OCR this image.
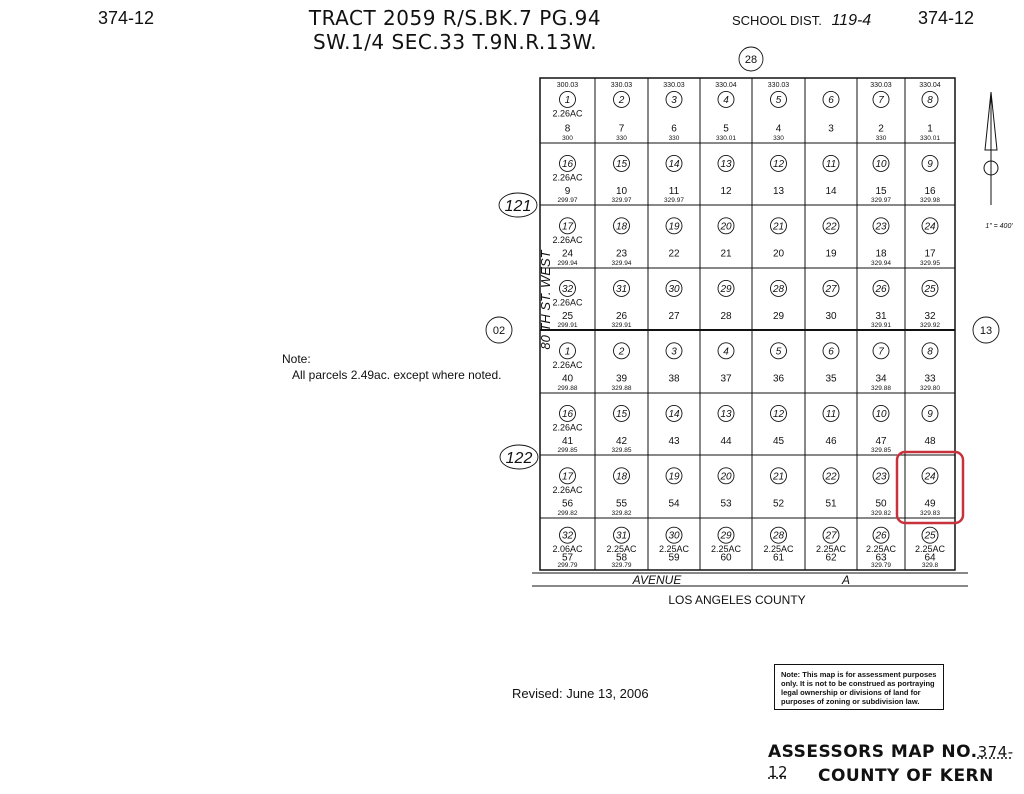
374-12	TRACT 2059 R/S.BK.7 PG.94
SW.1/4 SEC.33 T.9N.R.13W.
SCHOOL DIST. 119-4	374-12
Note:
All parcels 2.49ac. except where noted.
300.03	330.03	330.03	330.04	330.03	330.03	330.04
1
2.26AC
8
300
2
7
330
3
6
330
4
5
330.01
5
4
330
6
3
7
2
330
8
1
330.01
16
2.26AC
9
299.97
15
10
329.97
14
11
329.97
13
12
12
13
11
14
10
15
329.97
9
16
329.98
17
2.26AC
24
299.94
18
23
329.94
19
22
20
21
21
20
22
19
23
18
329.94
24
17
329.95
32
2.26AC
25
299.91
31
26
329.91
30
27
29
28
28
29
27
30
26
31
329.91
25
32
329.92
1
2.26AC
40
299.88
2
39
329.88
3
38
4
37
5
36
6
35
7
34
329.88
8
33
329.80
16
2.26AC
41
299.85
15
42
329.85
14
43
13
44
12
45
11
46
10
47
329.85
9
48
17
2.26AC
56
299.82
18
55
329.82
19
54
20
53
21
52
22
51
23
50
329.82
24
49
329.83
32
2.06AC
57
299.79
31
2.25AC
58
329.79
30
2.25AC
59
29
2.25AC
60
28
2.25AC
61
27
2.25AC
62
26
2.25AC
63
329.79
25
2.25AC
64
329.8
28
121
122
02	13
80 TH ST. WEST
AVENUE	A
LOS ANGELES COUNTY
1" = 400'
Revised: June 13, 2006
Note: This map is for assessment purposes only. It is not to be construed as portraying legal ownership or divisions of land for purposes of zoning or subdivision law.
ASSESSORS MAP NO.374-12	COUNTY OF KERN
